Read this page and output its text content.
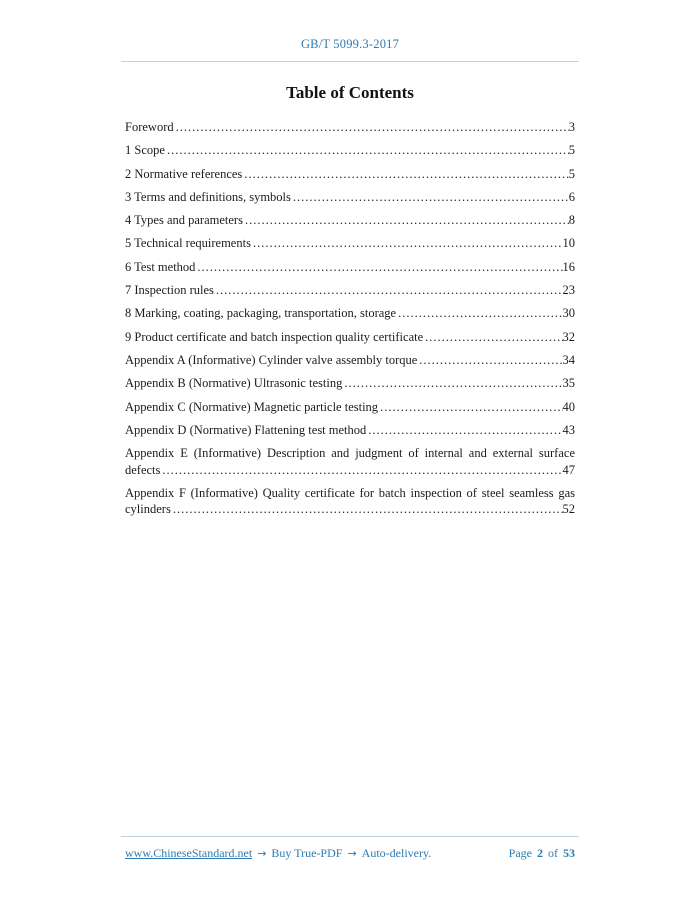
GB/T 5099.3-2017
Table of Contents
Foreword .....	3
1 Scope .....	5
2 Normative references .....	5
3 Terms and definitions, symbols .....	6
4 Types and parameters .....	8
5 Technical requirements .....	10
6 Test method .....	16
7 Inspection rules .....	23
8 Marking, coating, packaging, transportation, storage .....	30
9 Product certificate and batch inspection quality certificate .....	32
Appendix A (Informative) Cylinder valve assembly torque .....	34
Appendix B (Normative) Ultrasonic testing .....	35
Appendix C (Normative) Magnetic particle testing .....	40
Appendix D (Normative) Flattening test method .....	43
Appendix E (Informative) Description and judgment of internal and external surface
defects .....	47
Appendix F (Informative) Quality certificate for batch inspection of steel seamless gas
cylinders .....	52
www.ChineseStandard.net → Buy True-PDF → Auto-delivery.	Page 2 of 53
